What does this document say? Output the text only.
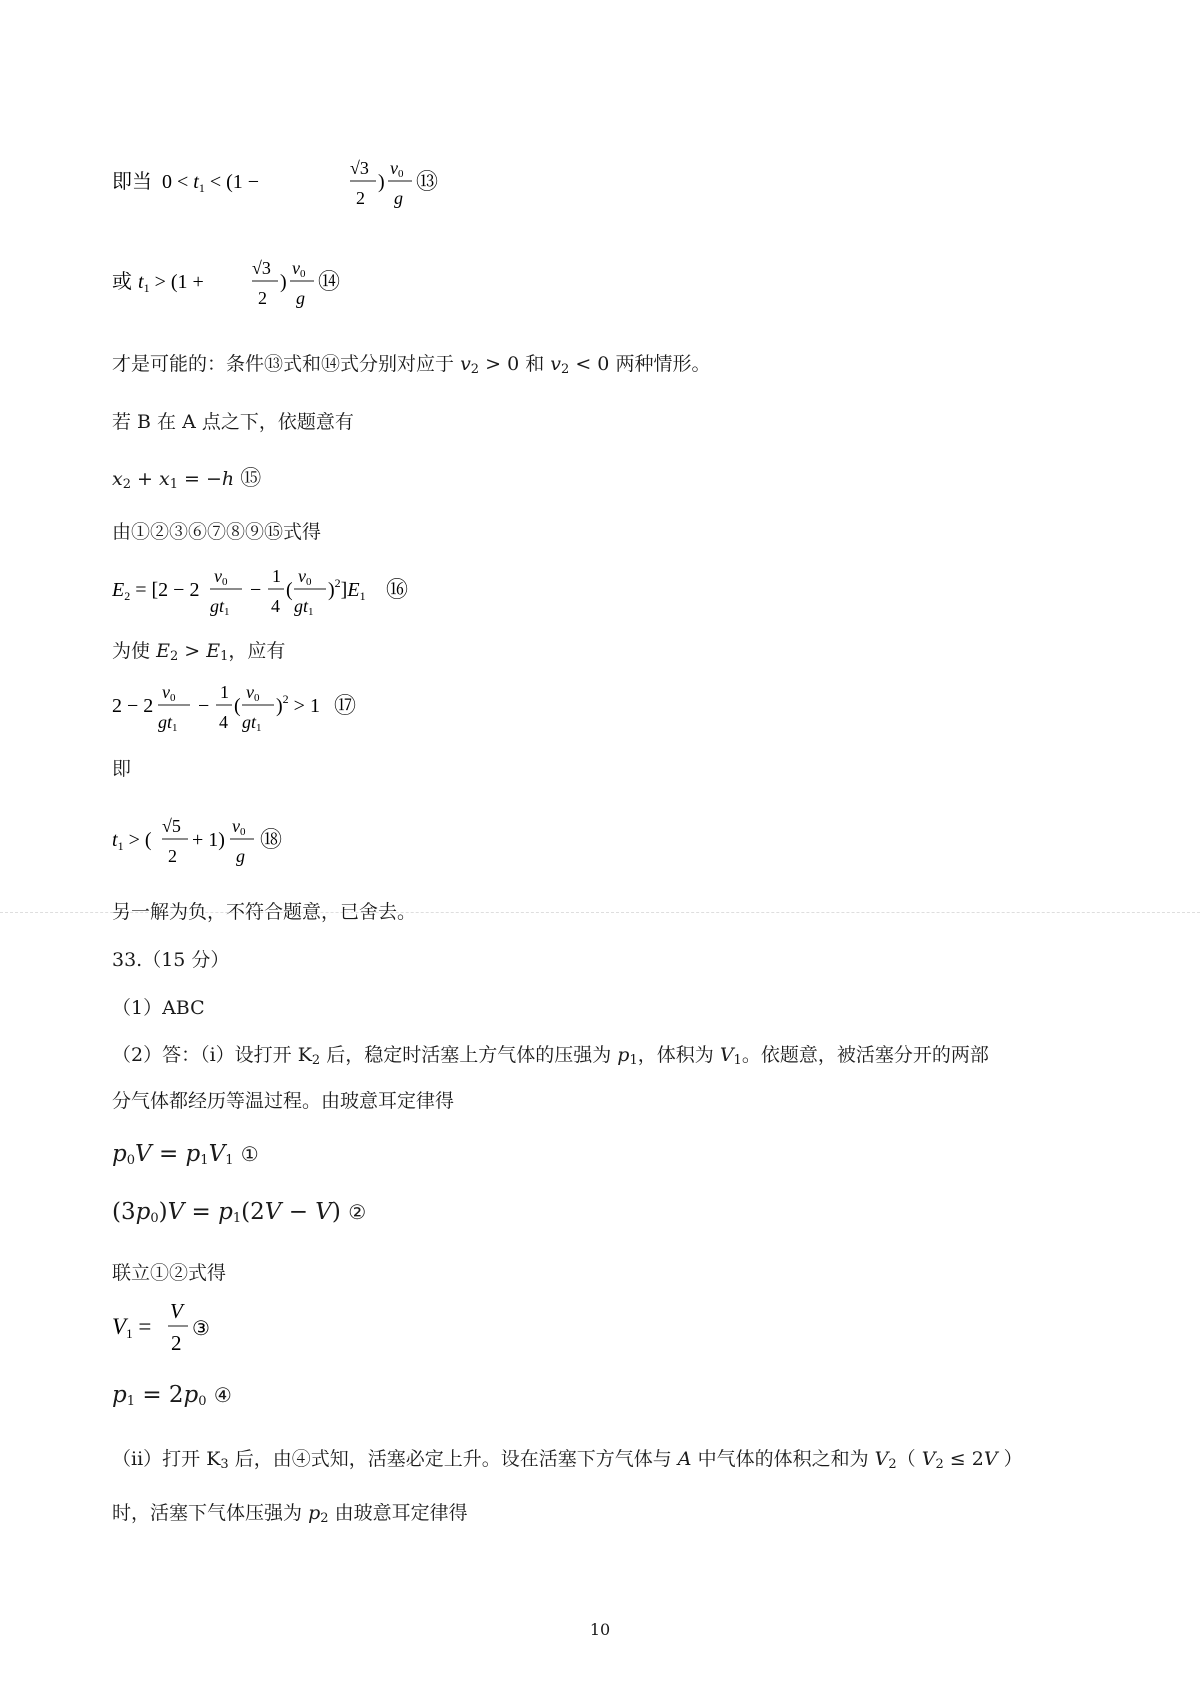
即当 $0 < t_1 < (1$ −
√3
2
)
v0
g
⑬
或 $t_1 > (1$ +
√3
2
)
v0
g
⑭
才是可能的：条件⑬式和⑭式分别对应于 $v_2 > 0$ 和 $v_2 < 0$ 两种情形。
若 B 在 A 点之下，依题意有
$x_2 + x_1 = -h$ ⑮
由①②③⑥⑦⑧⑨⑮式得
$E_2 = [2 - 2$
v0
gt1
−
1
4
(
v0
gt1
)$^2]E_1$ ⑯
为使 $E_2 > E_1$，应有
2 − 2
v0
gt1
−
1
4
(
v0
gt1
)$^2$ > 1 ⑰
即
$t_1$ > (
√5
2
+ 1)
v0
g
⑱
另一解为负，不符合题意，已舍去。
33.（15 分）
（1）ABC
（2）答：（i）设打开 $K_2$ 后，稳定时活塞上方气体的压强为 $p_1$，体积为 $V_1$。依题意，被活塞分开的两部
分气体都经历等温过程。由玻意耳定律得
$p_0V = p_1V_1$ ①
$(3p_0)V = p_1(2V - V)$ ②
联立①②式得
V1 =
V
2
③
$p_1 = 2p_0$ ④
（ii）打开 $K_3$ 后，由④式知，活塞必定上升。设在活塞下方气体与 A 中气体的体积之和为 $V_2$（ $V_2 \le 2V$ ）
时，活塞下气体压强为 $p_2$ 由玻意耳定律得
10
